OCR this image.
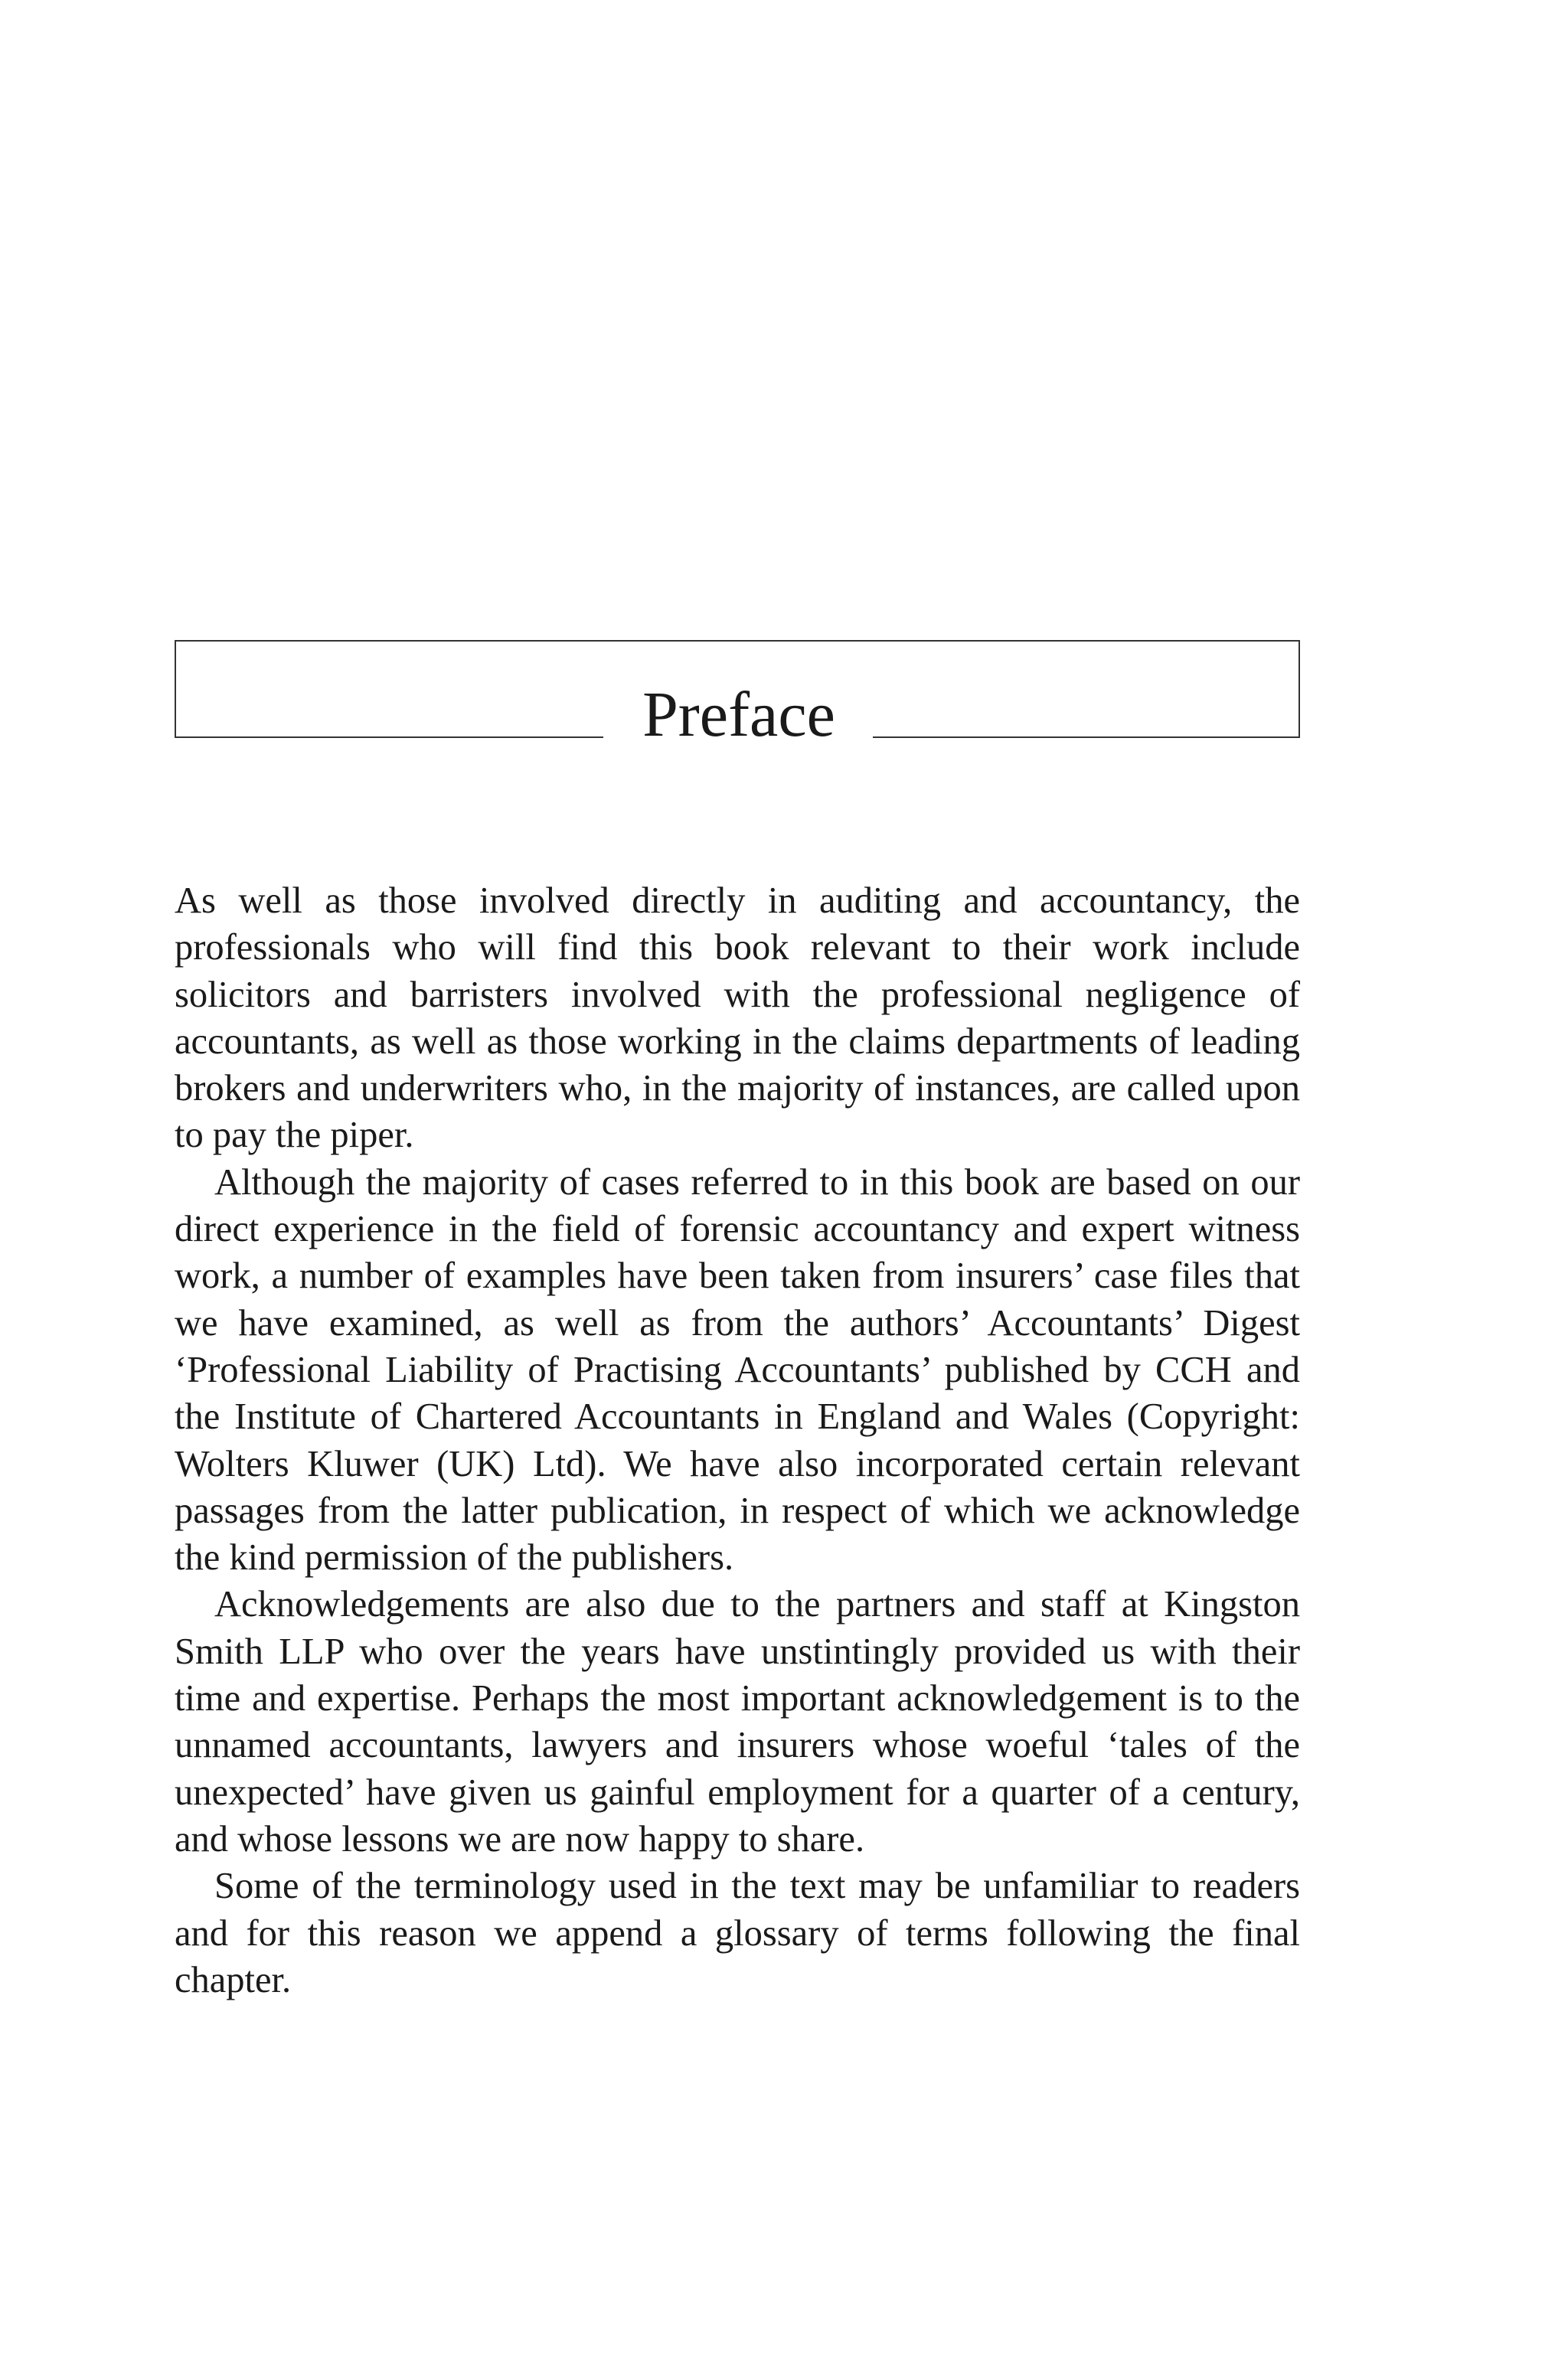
Preface

As well as those involved directly in auditing and accountancy, the professionals who will find this book relevant to their work include solicitors and barristers involved with the professional negligence of accountants, as well as those working in the claims departments of leading brokers and underwriters who, in the majority of instances, are called upon to pay the piper.

Although the majority of cases referred to in this book are based on our direct experience in the field of forensic accountancy and expert witness work, a number of examples have been taken from insurers’ case files that we have examined, as well as from the authors’ Accountants’ Digest ‘Professional Liability of Practising Accountants’ published by CCH and the Institute of Chartered Accountants in England and Wales (Copyright: Wolters Kluwer (UK) Ltd). We have also incorporated certain relevant passages from the latter publication, in respect of which we acknowledge the kind permission of the publishers.

Acknowledgements are also due to the partners and staff at Kingston Smith LLP who over the years have unstintingly provided us with their time and expertise. Perhaps the most important acknowledgement is to the unnamed accountants, lawyers and insurers whose woeful ‘tales of the unexpected’ have given us gainful employment for a quarter of a century, and whose lessons we are now happy to share.

Some of the terminology used in the text may be unfamiliar to readers and for this reason we append a glossary of terms following the final chapter.
